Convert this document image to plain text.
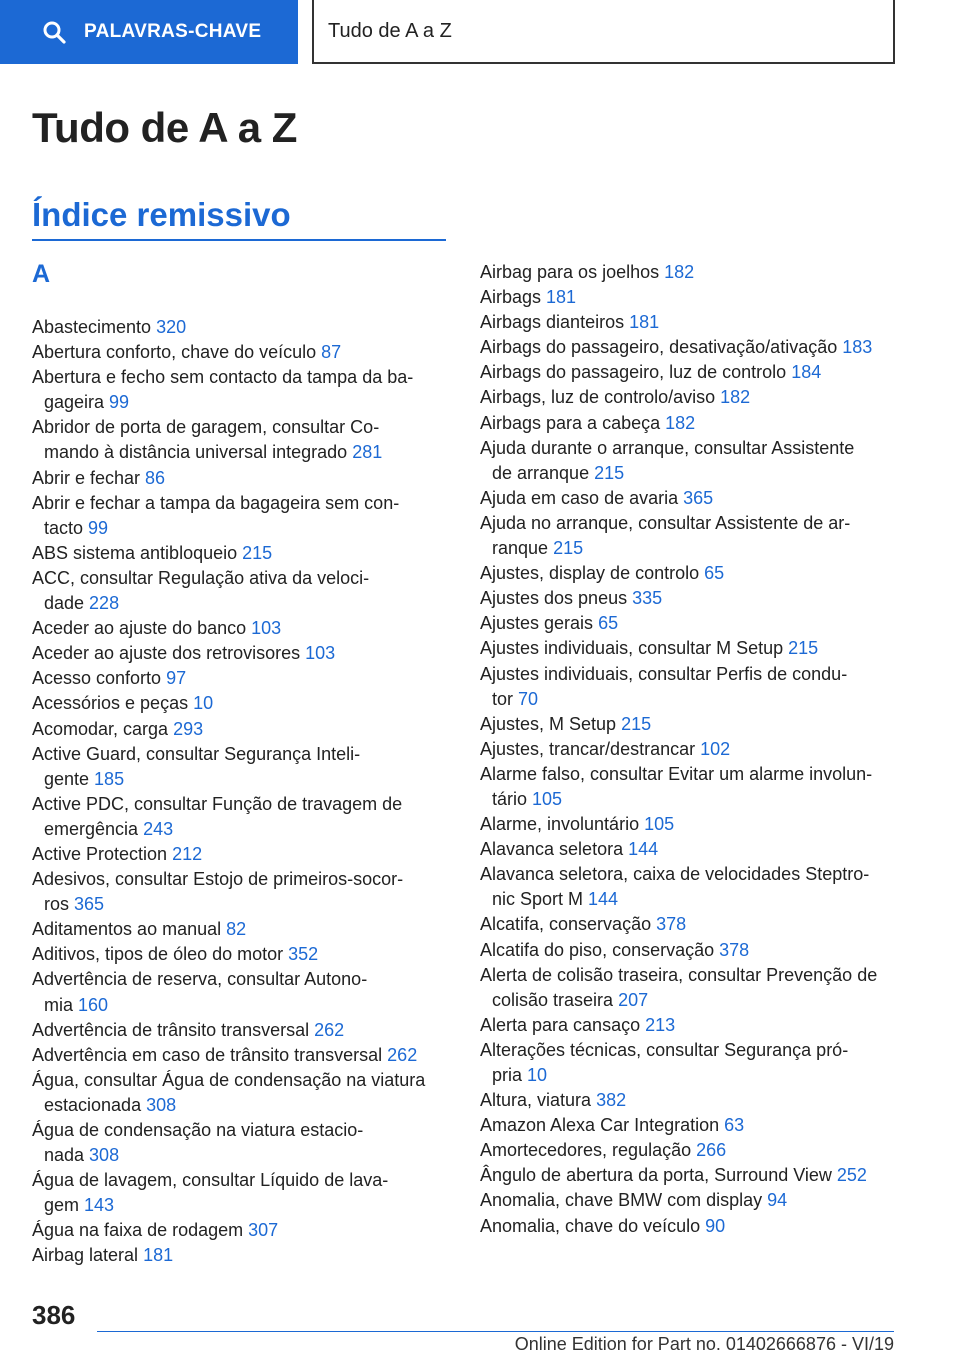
PALAVRAS-CHAVE	Tudo de A a Z
Tudo de A a Z
Índice remissivo
A
Abastecimento 320
Abertura conforto, chave do veículo 87
Abertura e fecho sem contacto da tampa da ba-
gageira 99
Abridor de porta de garagem, consultar Co-
mando à distância universal integrado 281
Abrir e fechar 86
Abrir e fechar a tampa da bagageira sem con-
tacto 99
ABS sistema antibloqueio 215
ACC, consultar Regulação ativa da veloci-
dade 228
Aceder ao ajuste do banco 103
Aceder ao ajuste dos retrovisores 103
Acesso conforto 97
Acessórios e peças 10
Acomodar, carga 293
Active Guard, consultar Segurança Inteli-
gente 185
Active PDC, consultar Função de travagem de
emergência 243
Active Protection 212
Adesivos, consultar Estojo de primeiros-socor-
ros 365
Aditamentos ao manual 82
Aditivos, tipos de óleo do motor 352
Advertência de reserva, consultar Autono-
mia 160
Advertência de trânsito transversal 262
Advertência em caso de trânsito transversal 262
Água, consultar Água de condensação na viatura
estacionada 308
Água de condensação na viatura estacio-
nada 308
Água de lavagem, consultar Líquido de lava-
gem 143
Água na faixa de rodagem 307
Airbag lateral 181
Airbag para os joelhos 182
Airbags 181
Airbags dianteiros 181
Airbags do passageiro, desativação/ativação 183
Airbags do passageiro, luz de controlo 184
Airbags, luz de controlo/aviso 182
Airbags para a cabeça 182
Ajuda durante o arranque, consultar Assistente
de arranque 215
Ajuda em caso de avaria 365
Ajuda no arranque, consultar Assistente de ar-
ranque 215
Ajustes, display de controlo 65
Ajustes dos pneus 335
Ajustes gerais 65
Ajustes individuais, consultar M Setup 215
Ajustes individuais, consultar Perfis de condu-
tor 70
Ajustes, M Setup 215
Ajustes, trancar/destrancar 102
Alarme falso, consultar Evitar um alarme involun-
tário 105
Alarme, involuntário 105
Alavanca seletora 144
Alavanca seletora, caixa de velocidades Steptro-
nic Sport M 144
Alcatifa, conservação 378
Alcatifa do piso, conservação 378
Alerta de colisão traseira, consultar Prevenção de
colisão traseira 207
Alerta para cansaço 213
Alterações técnicas, consultar Segurança pró-
pria 10
Altura, viatura 382
Amazon Alexa Car Integration 63
Amortecedores, regulação 266
Ângulo de abertura da porta, Surround View 252
Anomalia, chave BMW com display 94
Anomalia, chave do veículo 90
386
Online Edition for Part no. 01402666876 - VI/19
